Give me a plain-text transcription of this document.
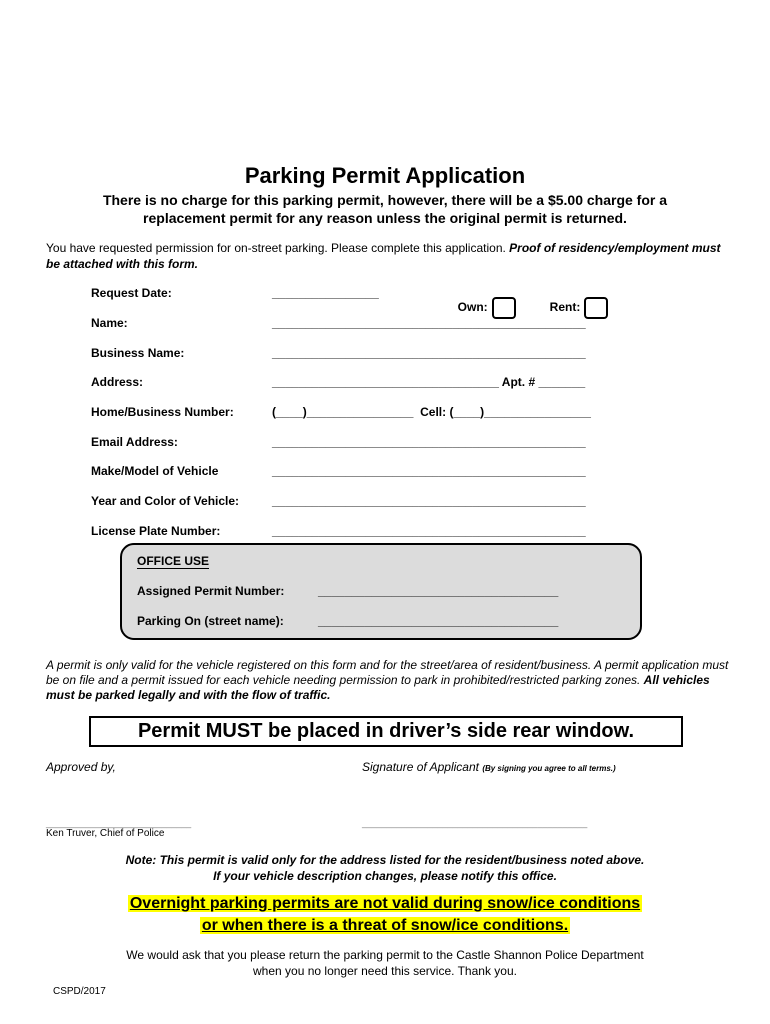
Parking Permit Application
There is no charge for this parking permit, however, there will be a $5.00 charge for a
replacement permit for any reason unless the original permit is returned.
You have requested permission for on-street parking. Please complete this application. Proof of residency/employment must be attached with this form.
Request Date:	________________

Own:	Rent:

Name:	_______________________________________________
Business Name:	_______________________________________________
Address:	__________________________________ Apt. # _______
Home/Business Number:	(____)________________  Cell: (____)________________
Email Address:	_______________________________________________
Make/Model of Vehicle	_______________________________________________
Year and Color of Vehicle:	_______________________________________________
License Plate Number:	_______________________________________________
OFFICE USE
Assigned Permit Number:	____________________________________
Parking On (street name):	____________________________________
A permit is only valid for the vehicle registered on this form and for the street/area of resident/business. A permit application must be on file and a permit issued for each vehicle needing permission to park in prohibited/restricted parking zones. All vehicles must be parked legally and with the flow of traffic.
Permit MUST be placed in driver’s side rear window.
Approved by,	Signature of Applicant (By signing you agree to all terms.)
_____________________________	_____________________________________________
Ken Truver, Chief of Police
Note: This permit is valid only for the address listed for the resident/business noted above.
If your vehicle description changes, please notify this office.
Overnight parking permits are not valid during snow/ice conditions
or when there is a threat of snow/ice conditions.
We would ask that you please return the parking permit to the Castle Shannon Police Department
when you no longer need this service. Thank you.
CSPD/2017
